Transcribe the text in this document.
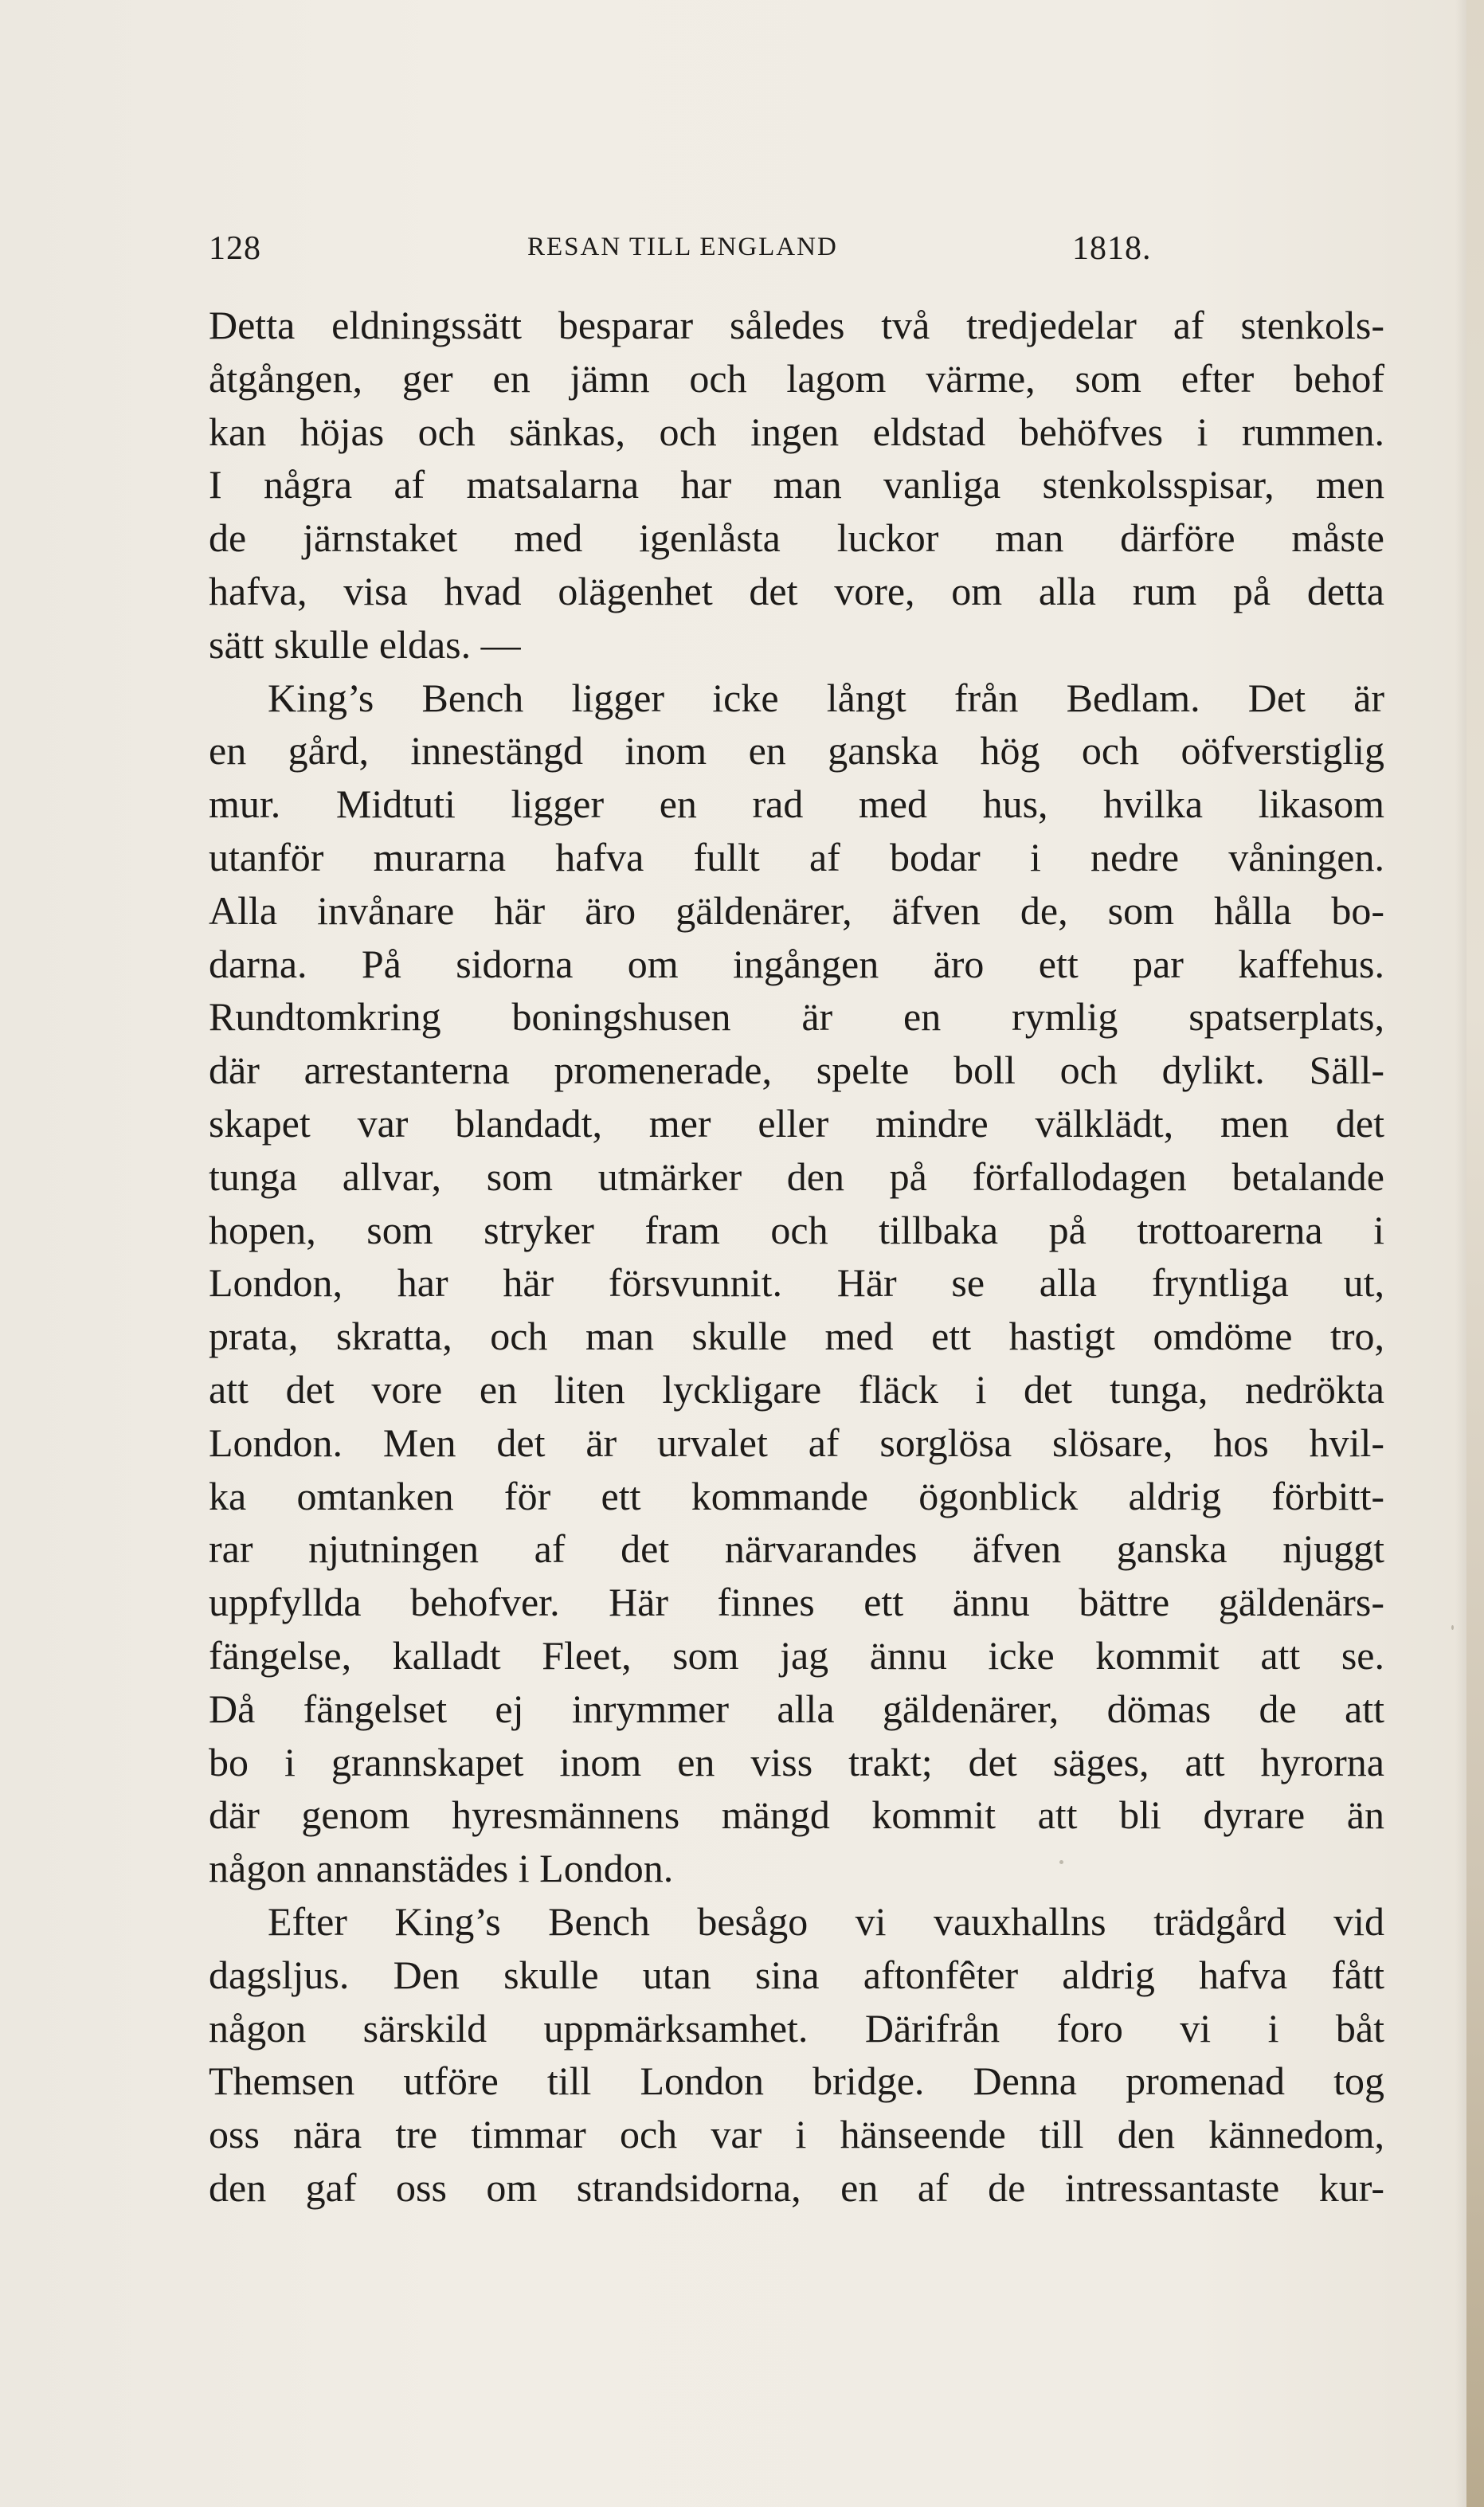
128	RESAN TILL ENGLAND	1818.
Detta eldningssätt besparar således två tredjedelar af stenkols-
åtgången, ger en jämn och lagom värme, som efter behof
kan höjas och sänkas, och ingen eldstad behöfves i rummen.
I några af matsalarna har man vanliga stenkolsspisar, men
de järnstaket med igenlåsta luckor man därföre måste
hafva, visa hvad olägenhet det vore, om alla rum på detta
sätt skulle eldas. —
King’s Bench ligger icke långt från Bedlam. Det är
en gård, innestängd inom en ganska hög och oöfverstiglig
mur. Midtuti ligger en rad med hus, hvilka likasom
utanför murarna hafva fullt af bodar i nedre våningen.
Alla invånare här äro gäldenärer, äfven de, som hålla bo-
darna. På sidorna om ingången äro ett par kaffehus.
Rundtomkring boningshusen är en rymlig spatserplats,
där arrestanterna promenerade, spelte boll och dylikt. Säll-
skapet var blandadt, mer eller mindre välklädt, men det
tunga allvar, som utmärker den på förfallodagen betalande
hopen, som stryker fram och tillbaka på trottoarerna i
London, har här försvunnit. Här se alla fryntliga ut,
prata, skratta, och man skulle med ett hastigt omdöme tro,
att det vore en liten lyckligare fläck i det tunga, nedrökta
London. Men det är urvalet af sorglösa slösare, hos hvil-
ka omtanken för ett kommande ögonblick aldrig förbitt-
rar njutningen af det närvarandes äfven ganska njuggt
uppfyllda behofver. Här finnes ett ännu bättre gäldenärs-
fängelse, kalladt Fleet, som jag ännu icke kommit att se.
Då fängelset ej inrymmer alla gäldenärer, dömas de att
bo i grannskapet inom en viss trakt; det säges, att hyrorna
där genom hyresmännens mängd kommit att bli dyrare än
någon annanstädes i London.
Efter King’s Bench besågo vi vauxhallns trädgård vid
dagsljus. Den skulle utan sina aftonfêter aldrig hafva fått
någon särskild uppmärksamhet. Därifrån foro vi i båt
Themsen utföre till London bridge. Denna promenad tog
oss nära tre timmar och var i hänseende till den kännedom,
den gaf oss om strandsidorna, en af de intressantaste kur-
